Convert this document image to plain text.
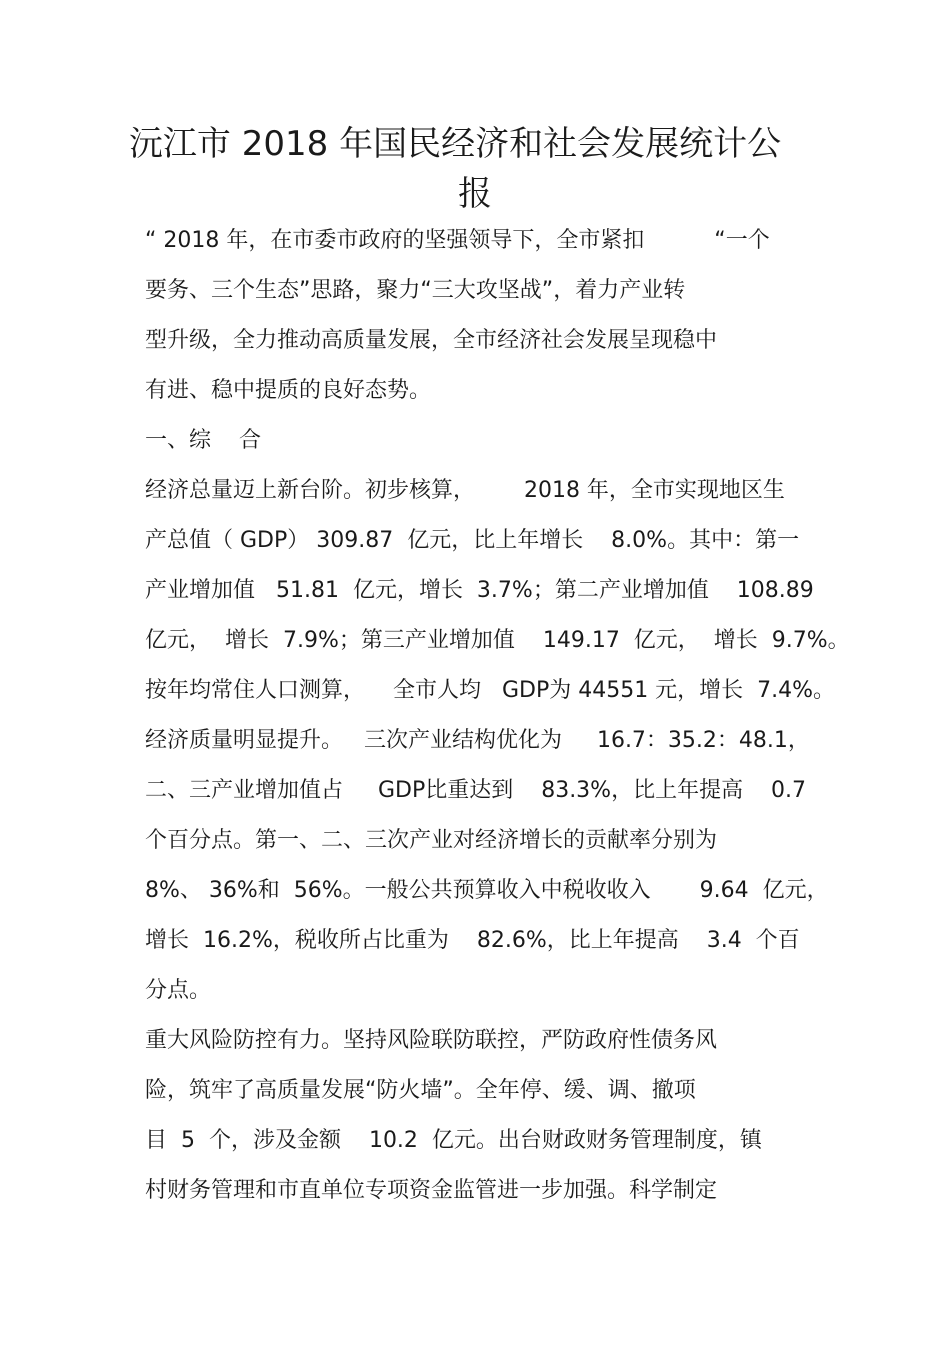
沅江市 2018 年国民经济和社会发展统计公
报

“ 2018 年，在市委市政府的坚强领导下，全市紧扣          “一个

要务、三个生态”思路，聚力“三大攻坚战”，着力产业转

型升级，全力推动高质量发展，全市经济社会发展呈现稳中

有进、稳中提质的良好态势。

一、综    合

经济总量迈上新台阶。初步核算，       2018 年，全市实现地区生

产总值（ GDP） 309.87  亿元，比上年增长    8.0%。其中：第一

产业增加值   51.81  亿元，增长  3.7%；第二产业增加值    108.89

亿元，  增长  7.9%；第三产业增加值    149.17  亿元，  增长  9.7%。

按年均常住人口测算，    全市人均   GDP为 44551 元，增长  7.4%。

经济质量明显提升。   三次产业结构优化为     16.7：35.2：48.1，

二、三产业增加值占     GDP比重达到    83.3%，比上年提高    0.7

个百分点。第一、二、三次产业对经济增长的贡献率分别为

8%、 36%和  56%。一般公共预算收入中税收收入       9.64  亿元，

增长  16.2%，税收所占比重为    82.6%，比上年提高    3.4  个百

分点。

重大风险防控有力。坚持风险联防联控，严防政府性债务风

险，筑牢了高质量发展“防火墙”。全年停、缓、调、撤项

目  5  个，涉及金额    10.2  亿元。出台财政财务管理制度，镇

村财务管理和市直单位专项资金监管进一步加强。科学制定
